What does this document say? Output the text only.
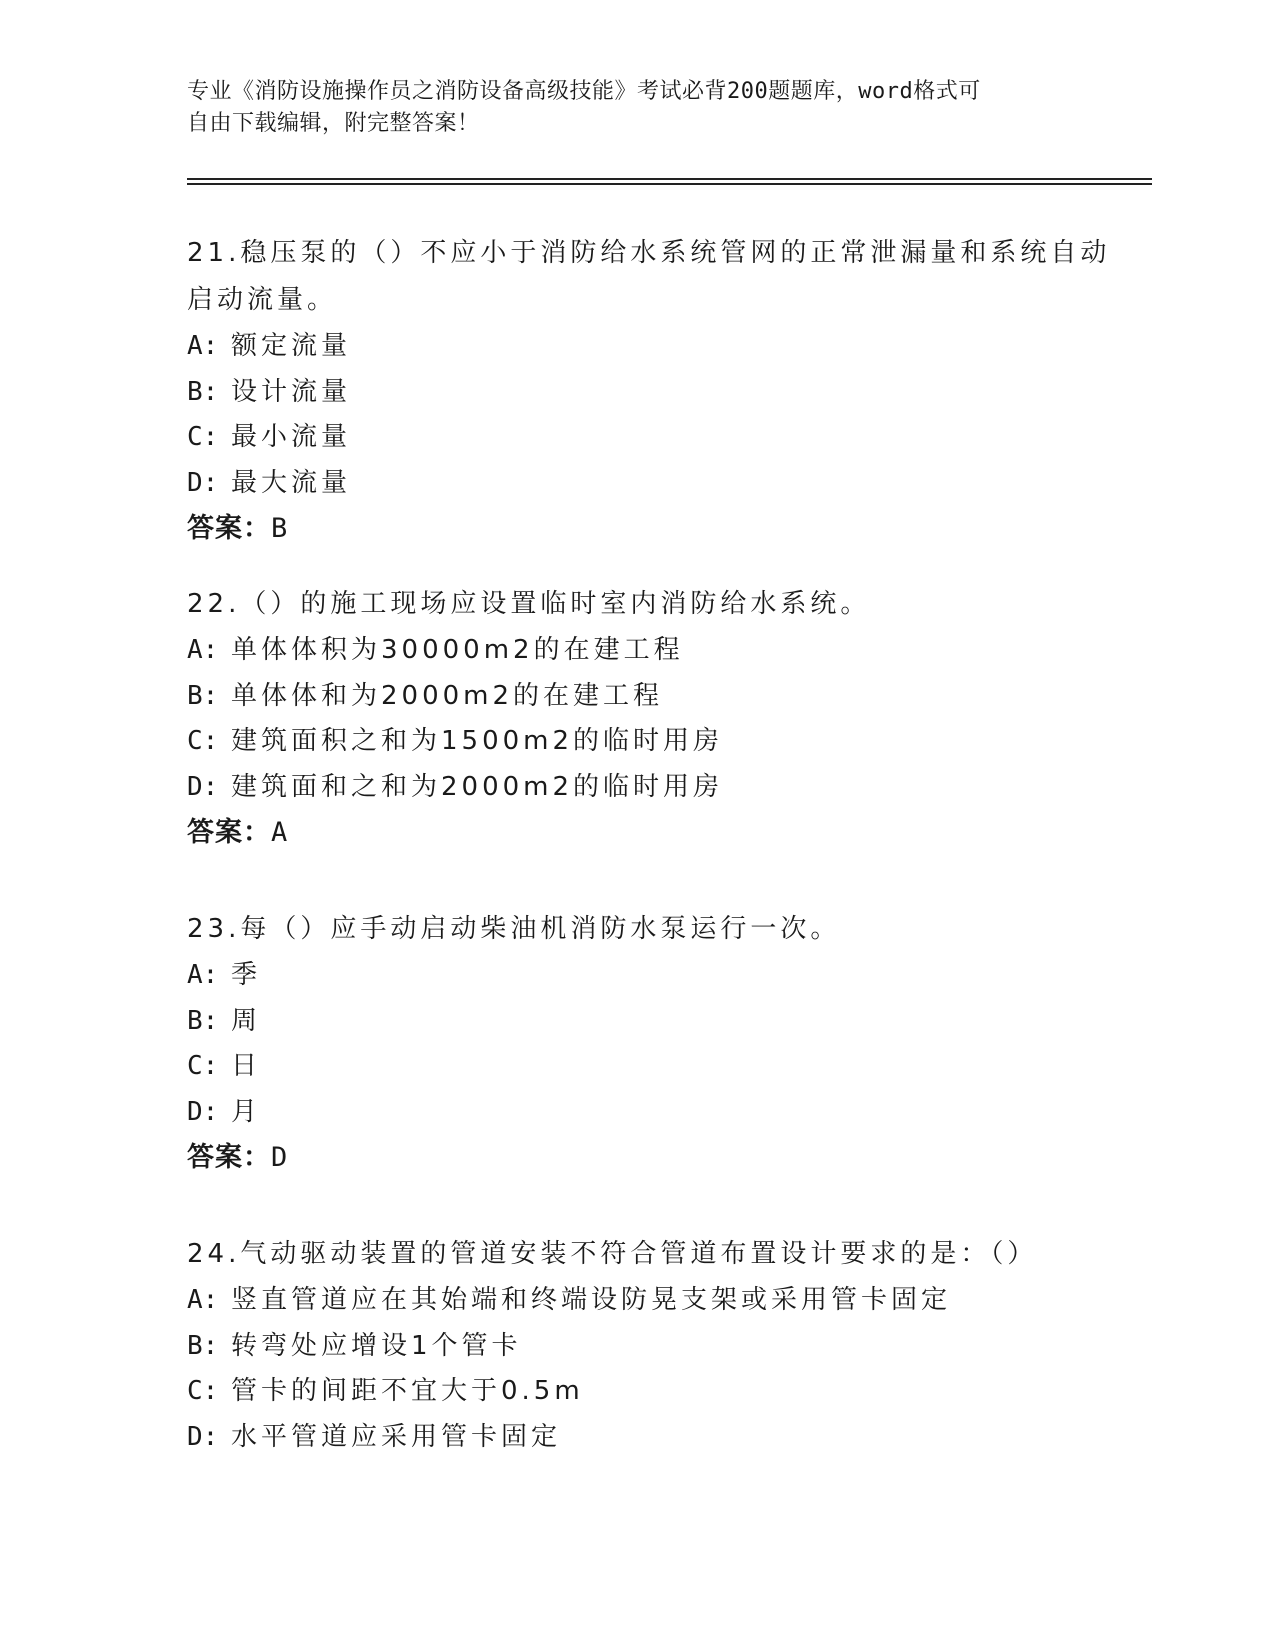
专业《消防设施操作员之消防设备高级技能》考试必背200题题库，word格式可
自由下载编辑，附完整答案！
21.稳压泵的（）不应小于消防给水系统管网的正常泄漏量和系统自动
启动流量。
A: 额定流量
B: 设计流量
C: 最小流量
D: 最大流量
答案：B
22.（）的施工现场应设置临时室内消防给水系统。
A: 单体体积为30000m2的在建工程
B: 单体体和为2000m2的在建工程
C: 建筑面积之和为1500m2的临时用房
D: 建筑面和之和为2000m2的临时用房
答案：A
23.每（）应手动启动柴油机消防水泵运行一次。
A: 季
B: 周
C: 日
D: 月
答案：D
24.气动驱动装置的管道安装不符合管道布置设计要求的是：（）
A: 竖直管道应在其始端和终端设防晃支架或采用管卡固定
B: 转弯处应增设1个管卡
C: 管卡的间距不宜大于0.5m
D: 水平管道应采用管卡固定
